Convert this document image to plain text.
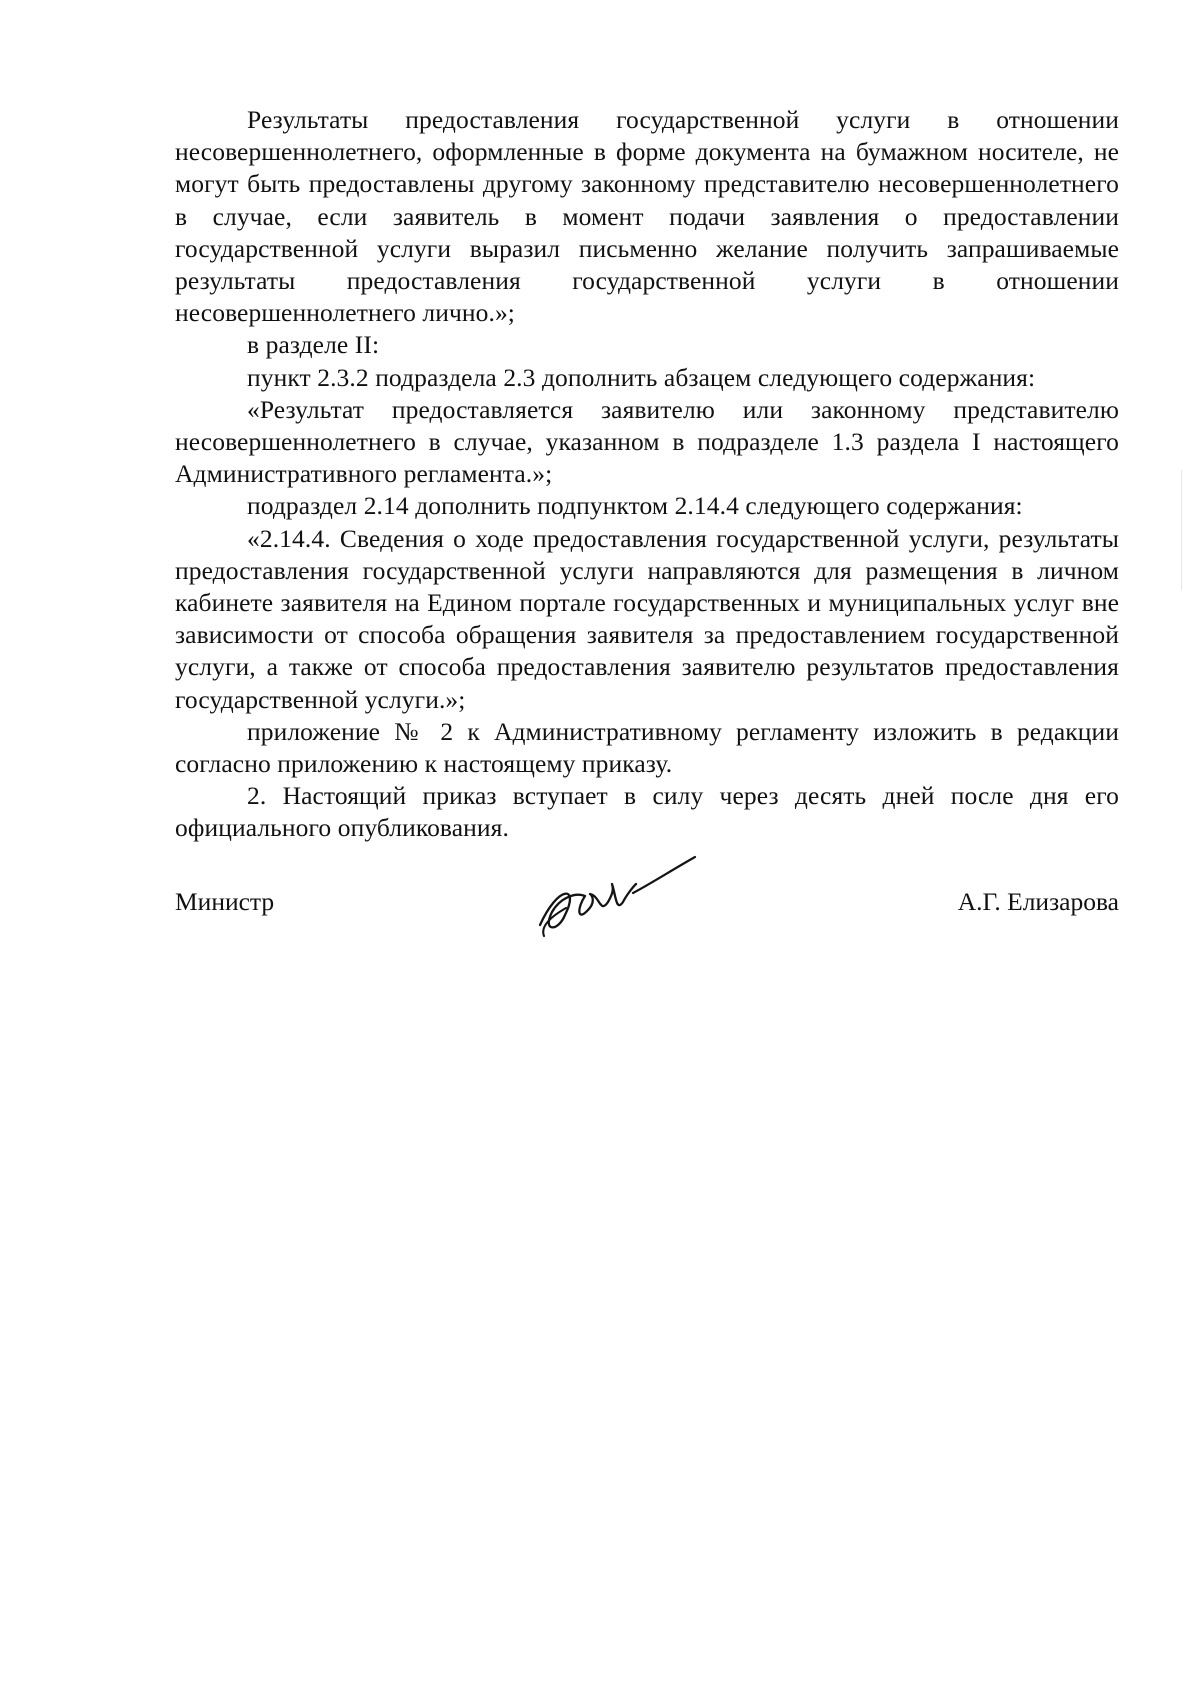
Результаты предоставления государственной услуги в отношении несовершеннолетнего, оформленные в форме документа на бумажном носителе, не могут быть предоставлены другому законному представителю несовершеннолетнего в случае, если заявитель в момент подачи заявления о предоставлении государственной услуги выразил письменно желание получить запрашиваемые результаты предоставления государственной услуги в отношении несовершеннолетнего лично.»;

в разделе II:

пункт 2.3.2 подраздела 2.3 дополнить абзацем следующего содержания:

«Результат предоставляется заявителю или законному представителю несовершеннолетнего в случае, указанном в подразделе 1.3 раздела I настоящего Административного регламента.»;

подраздел 2.14 дополнить подпунктом 2.14.4 следующего содержания:

«2.14.4. Сведения о ходе предоставления государственной услуги, результаты предоставления государственной услуги направляются для размещения в личном кабинете заявителя на Едином портале государственных и муниципальных услуг вне зависимости от способа обращения заявителя за предоставлением государственной услуги, а также от способа предоставления заявителю результатов предоставления государственной услуги.»;

приложение № 2 к Административному регламенту изложить в редакции согласно приложению к настоящему приказу.

2. Настоящий приказ вступает в силу через десять дней после дня его официального опубликования.

Министр	А.Г. Елизарова
